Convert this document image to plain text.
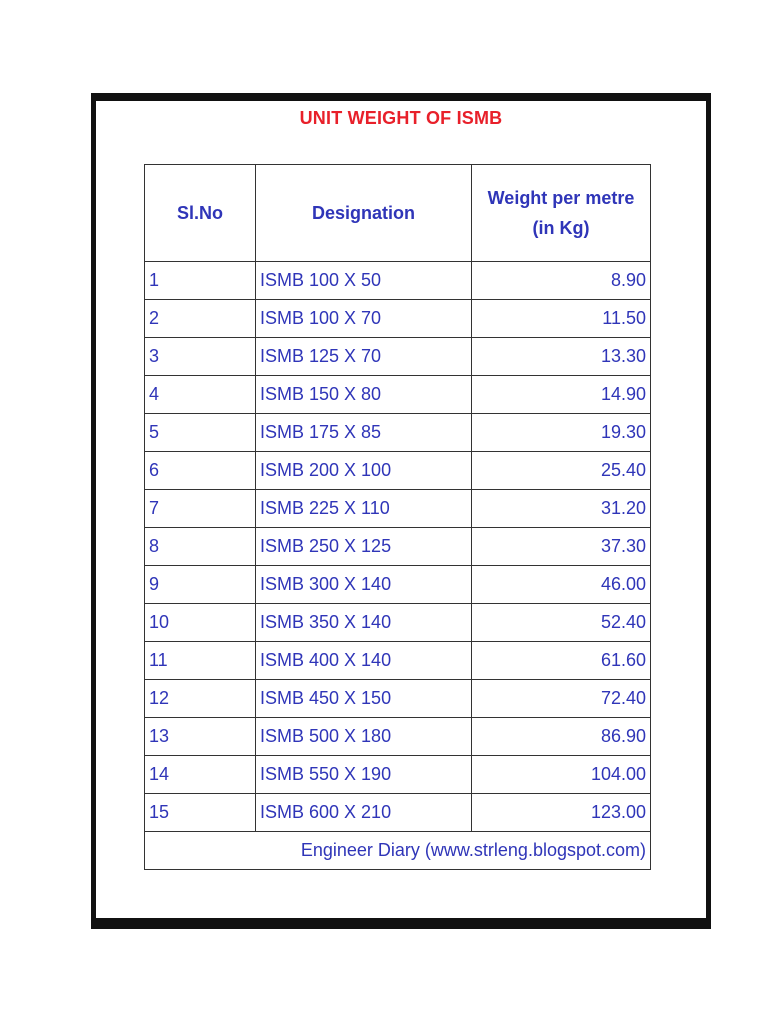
UNIT WEIGHT OF ISMB
Sl.No	Designation	Weight per metre
(in Kg)
1	ISMB 100 X 50	8.90
2	ISMB 100 X 70	11.50
3	ISMB 125 X 70	13.30
4	ISMB 150 X 80	14.90
5	ISMB 175 X 85	19.30
6	ISMB 200 X 100	25.40
7	ISMB 225 X 110	31.20
8	ISMB 250 X 125	37.30
9	ISMB 300 X 140	46.00
10	ISMB 350 X 140	52.40
11	ISMB 400 X 140	61.60
12	ISMB 450 X 150	72.40
13	ISMB 500 X 180	86.90
14	ISMB 550 X 190	104.00
15	ISMB 600 X 210	123.00
Engineer Diary (www.strleng.blogspot.com)		
